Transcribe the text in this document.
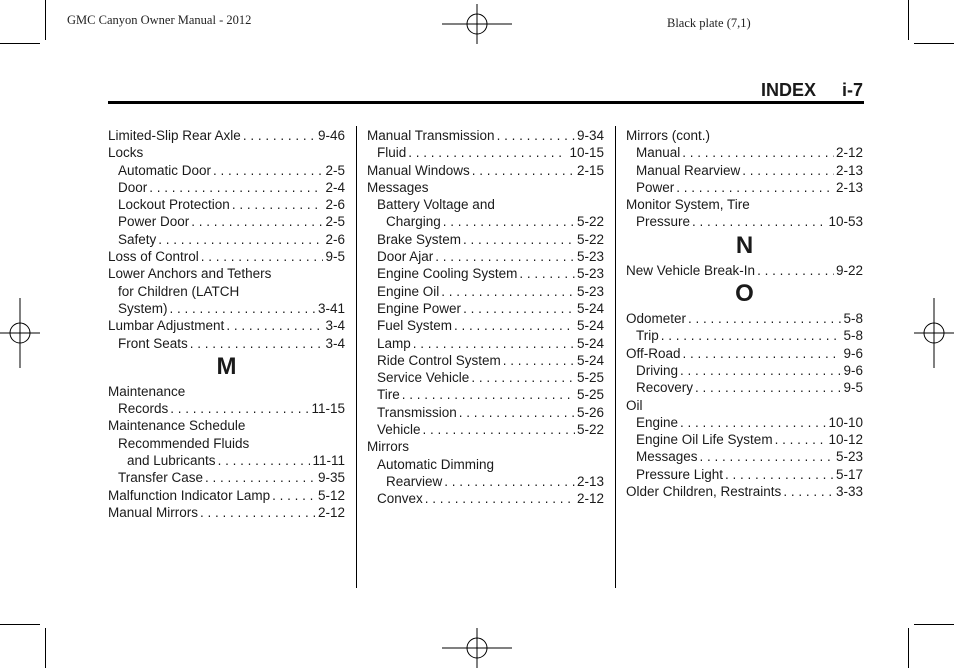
GMC Canyon Owner Manual - 2012	Black plate (7,1)
INDEX i-7
Limited-Slip Rear Axle . . .	9-46
Locks
Automatic Door . . .	2-5
Door . . .	2-4
Lockout Protection . . .	2-6
Power Door . . .	2-5
Safety . . .	2-6
Loss of Control . . .	9-5
Lower Anchors and Tethers
for Children (LATCH
System) . . .	3-41
Lumbar Adjustment . . .	3-4
Front Seats . . .	3-4
M
Maintenance
Records . . .	11-15
Maintenance Schedule
Recommended Fluids
and Lubricants . . .	11-11
Transfer Case . . .	9-35
Malfunction Indicator Lamp . . .	5-12
Manual Mirrors . . .	2-12
Manual Transmission . . .	9-34
Fluid . . .	10-15
Manual Windows . . .	2-15
Messages
Battery Voltage and
Charging . . .	5-22
Brake System . . .	5-22
Door Ajar . . .	5-23
Engine Cooling System . . .	5-23
Engine Oil . . .	5-23
Engine Power . . .	5-24
Fuel System . . .	5-24
Lamp . . .	5-24
Ride Control System . . .	5-24
Service Vehicle . . .	5-25
Tire . . .	5-25
Transmission . . .	5-26
Vehicle . . .	5-22
Mirrors
Automatic Dimming
Rearview . . .	2-13
Convex . . .	2-12
Mirrors (cont.)
Manual . . .	2-12
Manual Rearview . . .	2-13
Power . . .	2-13
Monitor System, Tire
Pressure . . .	10-53
N
New Vehicle Break-In . . .	9-22
O
Odometer . . .	5-8
Trip . . .	5-8
Off-Road . . .	9-6
Driving . . .	9-6
Recovery . . .	9-5
Oil
Engine . . .	10-10
Engine Oil Life System . . .	10-12
Messages . . .	5-23
Pressure Light . . .	5-17
Older Children, Restraints . . .	3-33
